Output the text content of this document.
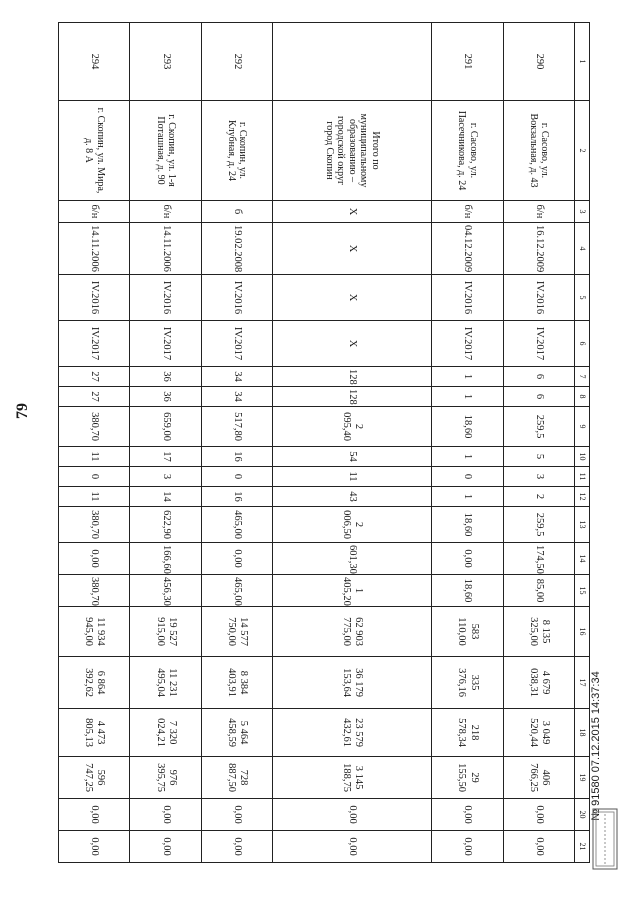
79
1	2	3	4	5	6	7	8	9	10	11	12	13	14	15	16	17	18	19	20	21
290	г. Сасово, ул. Вокзальная, д. 43	б/н	16.12.2009	IV.2016	IV.2017	6	6	259,5	5	3	2	259,5	174,50	85,00	8 135 325,00	4 679 038,31	3 049 520,44	406 766,25	0,00	0,00
291	г. Сасово, ул. Пасечникова, д. 24	б/н	04.12.2009	IV.2016	IV.2017	1	1	18,60	1	0	1	18,60	0,00	18,60	583 110,00	335 376,16	218 578,34	29 155,50	0,00	0,00
	Итого по муниципальному образованию – городской округ город Скопин	X	X	X	X	128	128	2 095,40	54	11	43	2 006,50	601,30	1 405,20	62 903 775,00	36 179 153,64	23 579 432,61	3 145 188,75	0,00	0,00
292	г. Скопин, ул. Клубная, д. 24	б	19.02.2008	IV.2016	IV.2017	34	34	517,80	16	0	16	465,00	0,00	465,00	14 577 750,00	8 384 403,91	5 464 458,59	728 887,50	0,00	0,00
293	г. Скопин, ул. 1-я Поташная, д. 90	б/н	14.11.2006	IV.2016	IV.2017	36	36	659,00	17	3	14	622,90	166,60	456,30	19 527 915,00	11 231 495,04	7 320 024,21	976 395,75	0,00	0,00
294	г. Скопин, ул. Мира, д. 8 А	б/н	14.11.2006	IV.2016	IV.2017	27	27	380,70	11	0	11	380,70	0,00	380,70	11 934 945,00	6 864 392,62	4 473 805,13	596 747,25	0,00	0,00
№ 91580 07.12.2015 14:37:34
